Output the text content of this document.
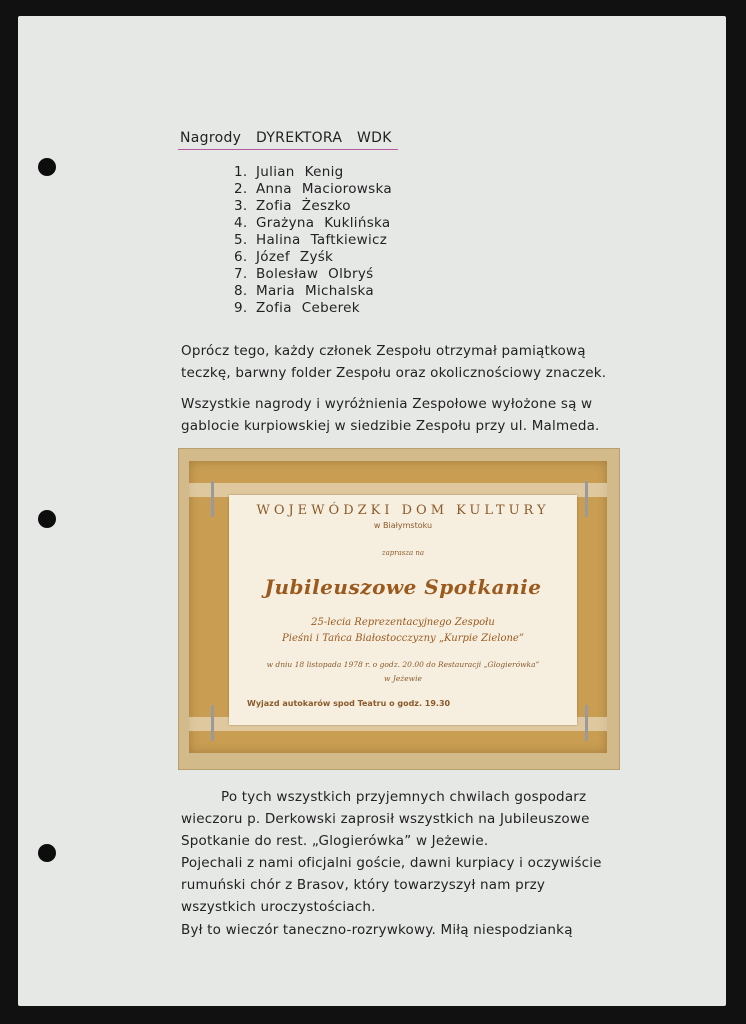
Nagrody DYREKTORA WDK
1. Julian Kenig
2. Anna Maciorowska
3. Zofia Żeszko
4. Grażyna Kuklińska
5. Halina Taftkiewicz
6. Józef Zyśk
7. Bolesław Olbryś
8. Maria Michalska
9. Zofia Ceberek
Oprócz tego, każdy członek Zespołu otrzymał pamiątkową
teczkę, barwny folder Zespołu oraz okolicznościowy znaczek.
Wszystkie nagrody i wyróżnienia Zespołowe wyłożone są w
gablocie kurpiowskiej w siedzibie Zespołu przy ul. Malmeda.
WOJEWÓDZKI DOM KULTURY
w Białymstoku
zaprasza na
Jubileuszowe Spotkanie
25-lecia Reprezentacyjnego Zespołu
Pieśni i Tańca Białostocczyzny „Kurpie Zielone”
w dniu 18 listopada 1978 r. o godz. 20.00 do Restauracji „Glogierówka”
w Jeżewie
Wyjazd autokarów spod Teatru o godz. 19.30
Po tych wszystkich przyjemnych chwilach gospodarz
wieczoru p. Derkowski zaprosił wszystkich na Jubileuszowe
Spotkanie do rest. „Glogierówka” w Jeżewie.
Pojechali z nami oficjalni goście, dawni kurpiacy i oczywiście
rumuński chór z Brasov, który towarzyszył nam przy
wszystkich uroczystościach.
Był to wieczór taneczno-rozrywkowy. Miłą niespodzianką
